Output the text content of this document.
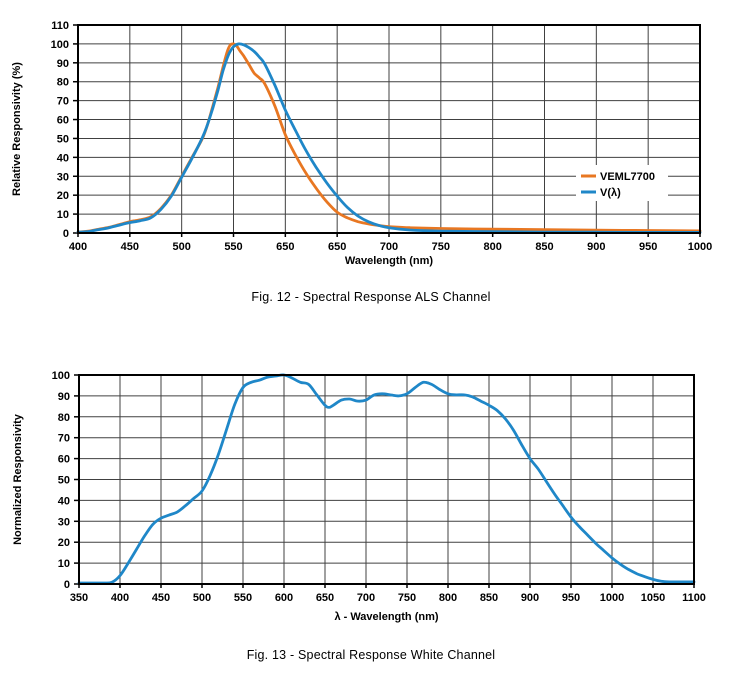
0
10
20
30
40
50
60
70
80
90
100
110
400	450	500	550	650	650	700	750	800	850	900	950	1000
Wavelength (nm)
Relative Responsivity (%)	VEML7700
V(λ)
Fig. 12 - Spectral Response ALS Channel
0
10
20
30
40
50
60
70
80
90
100
350 400 450 500 550 600 650 700 750 800 850 900 950 1000 1050 1100
λ - Wavelength (nm)
Normalized Responsivity
Fig. 13 - Spectral Response White Channel
